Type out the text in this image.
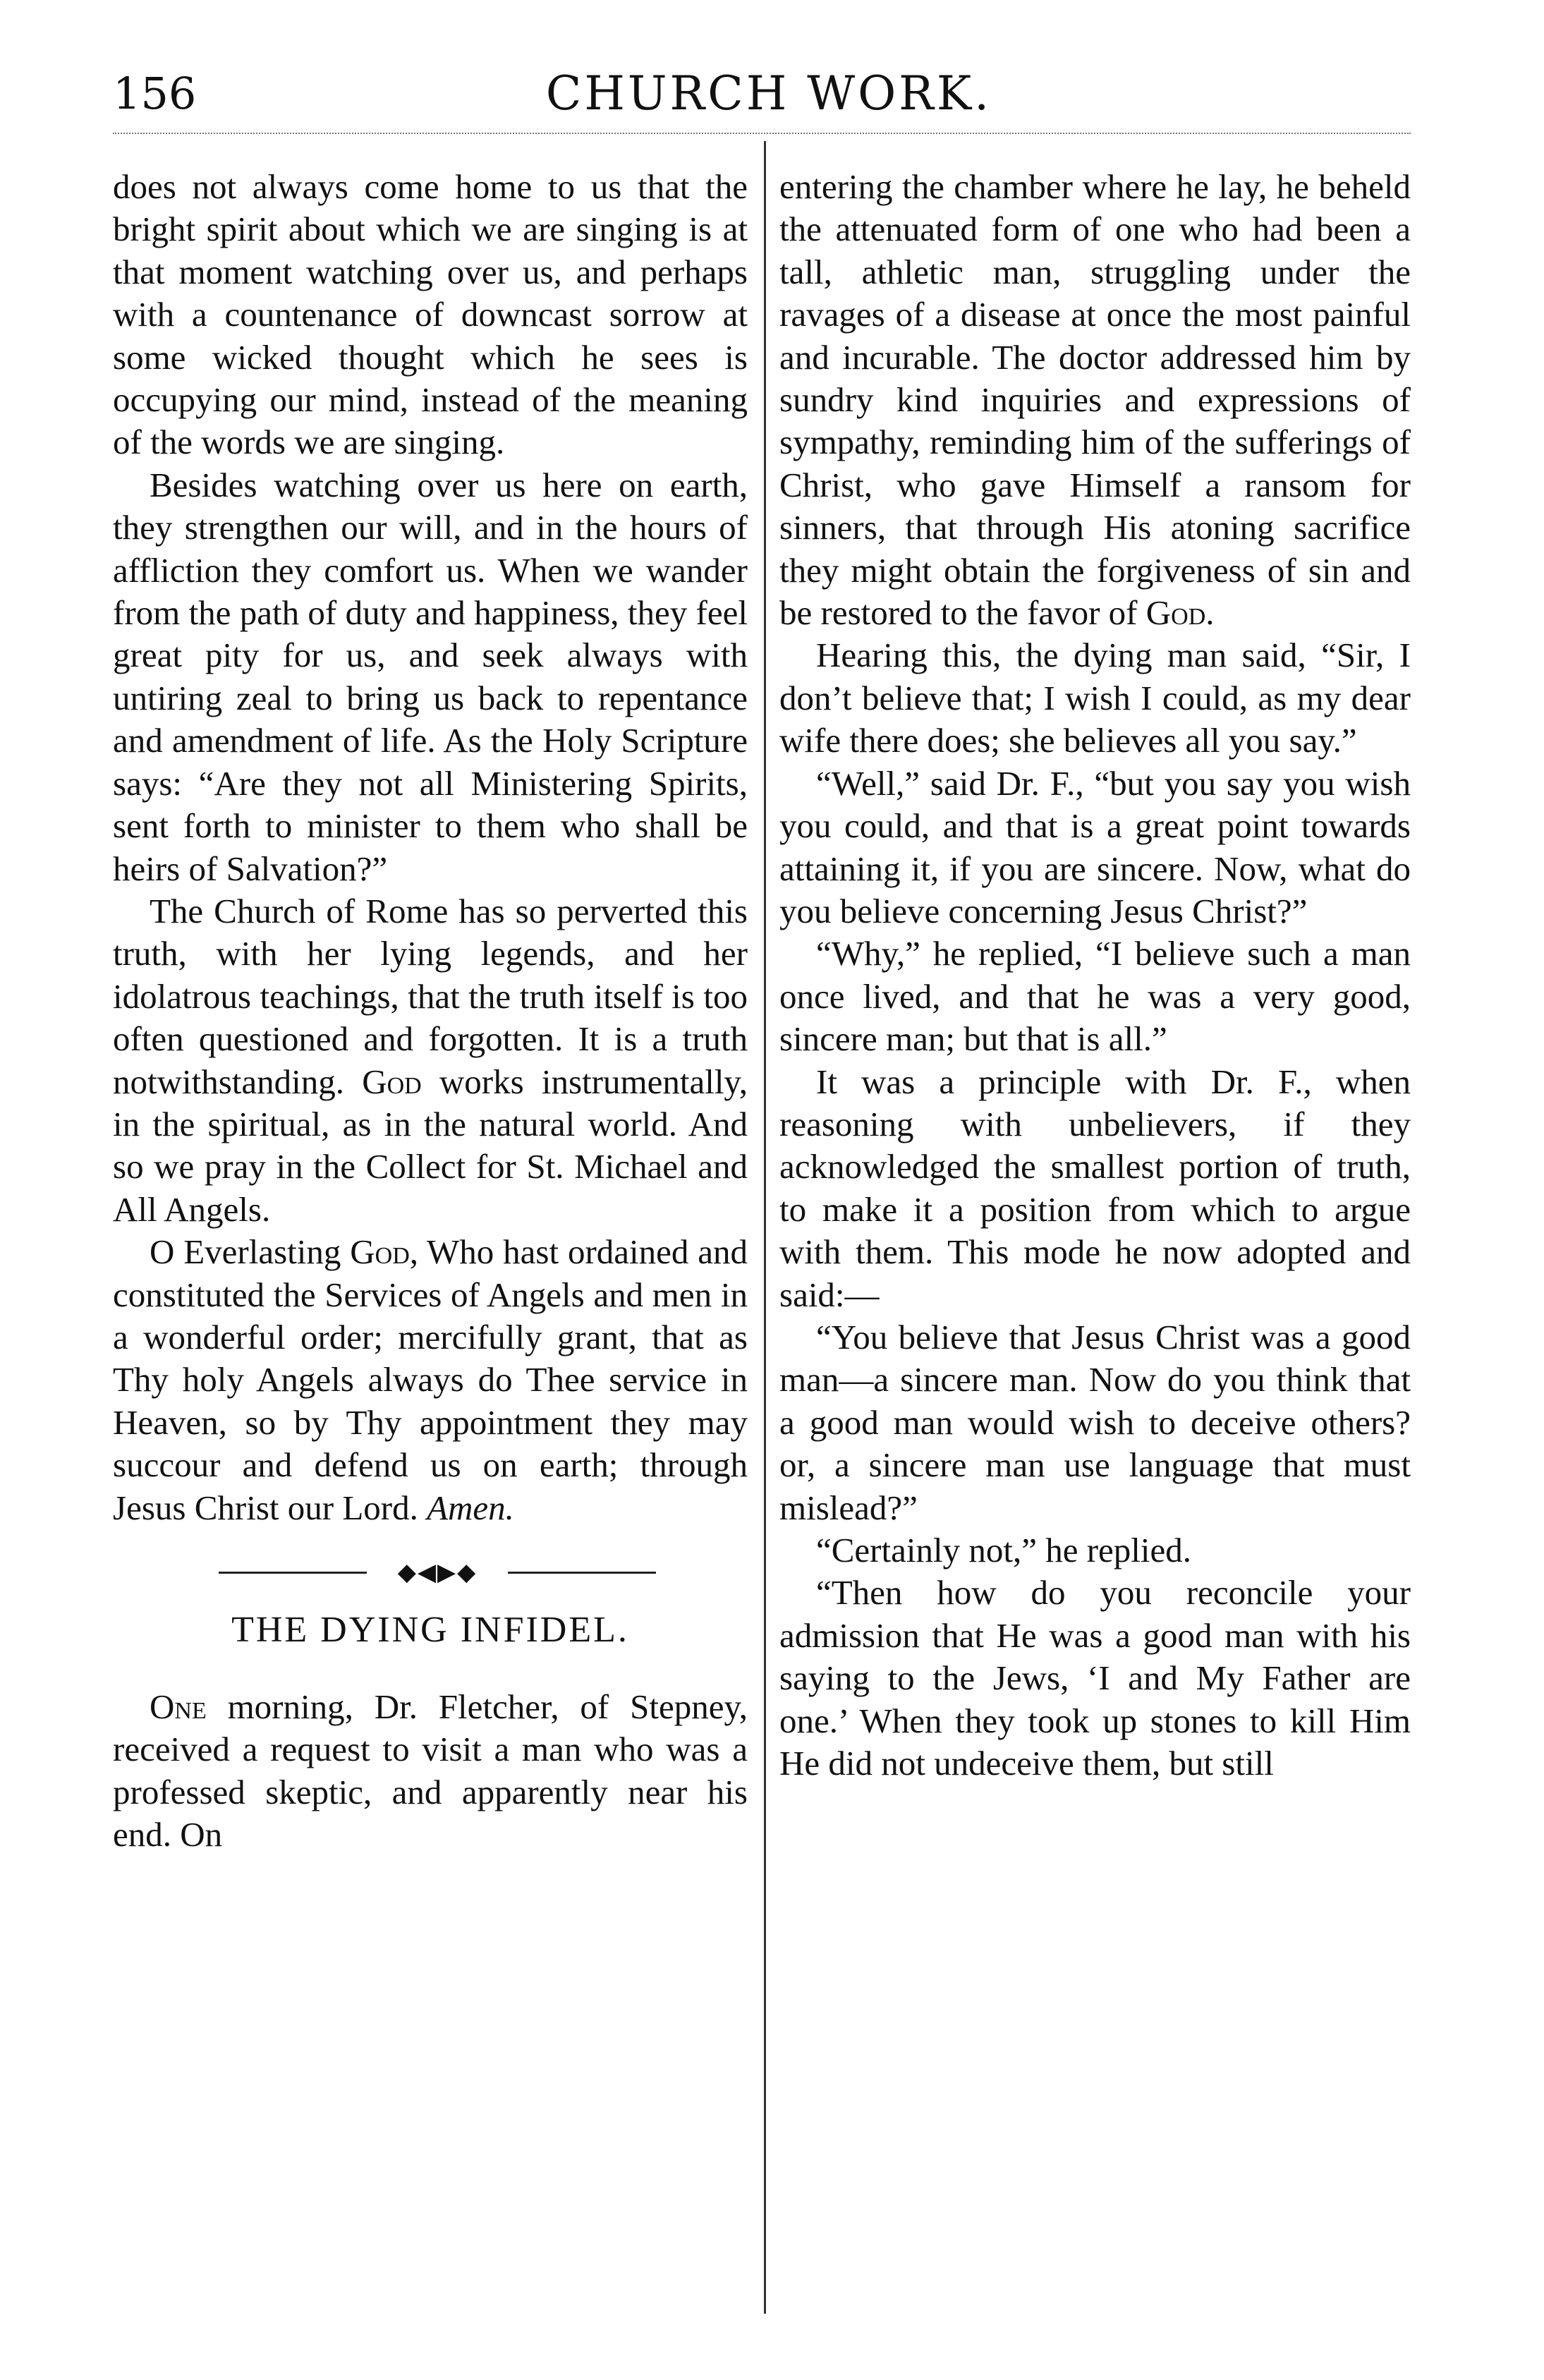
156	CHURCH WORK.

does not always come home to us that the bright spirit about which we are singing is at that moment watching over us, and perhaps with a countenance of downcast sorrow at some wicked thought which he sees is occupying our mind, instead of the meaning of the words we are singing.

Besides watching over us here on earth, they strengthen our will, and in the hours of affliction they comfort us. When we wander from the path of duty and happiness, they feel great pity for us, and seek always with untiring zeal to bring us back to repentance and amendment of life. As the Holy Scripture says: “Are they not all Ministering Spirits, sent forth to minister to them who shall be heirs of Salvation?”

The Church of Rome has so perverted this truth, with her lying legends, and her idolatrous teachings, that the truth itself is too often questioned and forgotten. It is a truth notwithstanding. God works instrumentally, in the spiritual, as in the natural world. And so we pray in the Collect for St. Michael and All Angels.

O Everlasting God, Who hast ordained and constituted the Services of Angels and men in a wonderful order; mercifully grant, that as Thy holy Angels always do Thee service in Heaven, so by Thy appointment they may succour and defend us on earth; through Jesus Christ our Lord. Amen.

◆◀▶◆
THE DYING INFIDEL.

One morning, Dr. Fletcher, of Stepney, received a request to visit a man who was a professed skeptic, and apparently near his end. On

entering the chamber where he lay, he beheld the attenuated form of one who had been a tall, athletic man, struggling under the ravages of a disease at once the most painful and incurable. The doctor addressed him by sundry kind inquiries and expressions of sympathy, reminding him of the sufferings of Christ, who gave Himself a ransom for sinners, that through His atoning sacrifice they might obtain the forgiveness of sin and be restored to the favor of God.

Hearing this, the dying man said, “Sir, I don’t believe that; I wish I could, as my dear wife there does; she believes all you say.”

“Well,” said Dr. F., “but you say you wish you could, and that is a great point towards attaining it, if you are sincere. Now, what do you believe concerning Jesus Christ?”

“Why,” he replied, “I believe such a man once lived, and that he was a very good, sincere man; but that is all.”

It was a principle with Dr. F., when reasoning with unbelievers, if they acknowledged the smallest portion of truth, to make it a position from which to argue with them. This mode he now adopted and said:—

“You believe that Jesus Christ was a good man—a sincere man. Now do you think that a good man would wish to deceive others? or, a sincere man use language that must mislead?”

“Certainly not,” he replied.

“Then how do you reconcile your admission that He was a good man with his saying to the Jews, ‘I and My Father are one.’ When they took up stones to kill Him He did not undeceive them, but still
